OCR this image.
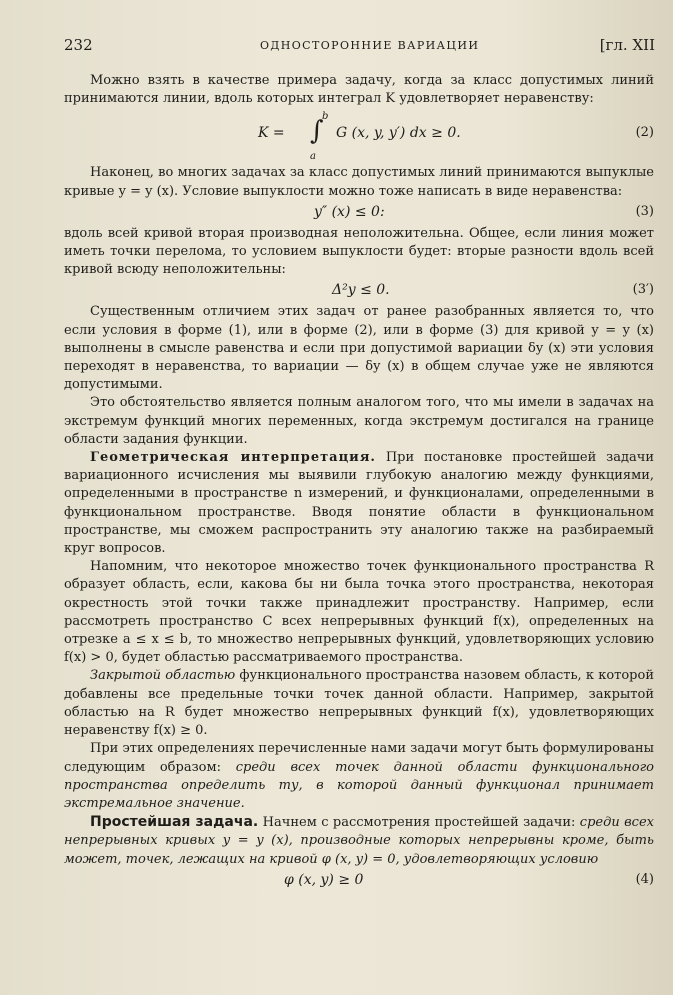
232	ОДНОСТОРОННИЕ ВАРИАЦИИ	[гл. XII

Можно взять в качестве примера задачу, когда за класс допустимых линий принимаются линии, вдоль которых интеграл K удовлетворяет неравенству:

K =
b
∫
a
G (x, y, y′) dx ≥ 0.	(2)

Наконец, во многих задачах за класс допустимых линий принимаются выпуклые кривые y = y (x). Условие выпуклости можно тоже написать в виде неравенства:

y″ (x) ≤ 0:	(3)

вдоль всей кривой вторая производная неположительна. Общее, если линия может иметь точки перелома, то условием выпуклости будет: вторые разности вдоль всей кривой всюду неположительны:

Δ²y ≤ 0.	(3′)

Существенным отличием этих задач от ранее разобранных является то, что если условия в форме (1), или в форме (2), или в форме (3) для кривой y = y (x) выполнены в смысле равенства и если при допустимой вариации δy (x) эти условия переходят в неравенства, то вариации — δy (x) в общем случае уже не являются допустимыми.

Это обстоятельство является полным аналогом того, что мы имели в задачах на экстремум функций многих переменных, когда экстремум достигался на границе области задания функции.

Геометрическая интерпретация. При постановке простейшей задачи вариационного исчисления мы выявили глубокую аналогию между функциями, определенными в пространстве n измерений, и функционалами, определенными в функциональном пространстве. Вводя понятие области в функциональном пространстве, мы сможем распространить эту аналогию также на разбираемый круг вопросов.

Напомним, что некоторое множество точек функционального пространства R образует область, если, какова бы ни была точка этого пространства, некоторая окрестность этой точки также принадлежит пространству. Например, если рассмотреть пространство C всех непрерывных функций f(x), определенных на отрезке a ≤ x ≤ b, то множество непрерывных функций, удовлетворяющих условию f(x) > 0, будет областью рассматриваемого пространства.

Закрытой областью функционального пространства назовем область, к которой добавлены все предельные точки точек данной области. Например, закрытой областью на R будет множество непрерывных функций f(x), удовлетворяющих неравенству f(x) ≥ 0.

При этих определениях перечисленные нами задачи могут быть формулированы следующим образом: среди всех точек данной области функционального пространства определить ту, в которой данный функционал принимает экстремальное значение.

Простейшая задача. Начнем с рассмотрения простейшей задачи: среди всех непрерывных кривых y = y (x), производные которых непрерывны кроме, быть может, точек, лежащих на кривой φ (x, y) = 0, удовлетворяющих условию

φ (x, y) ≥ 0	(4)
